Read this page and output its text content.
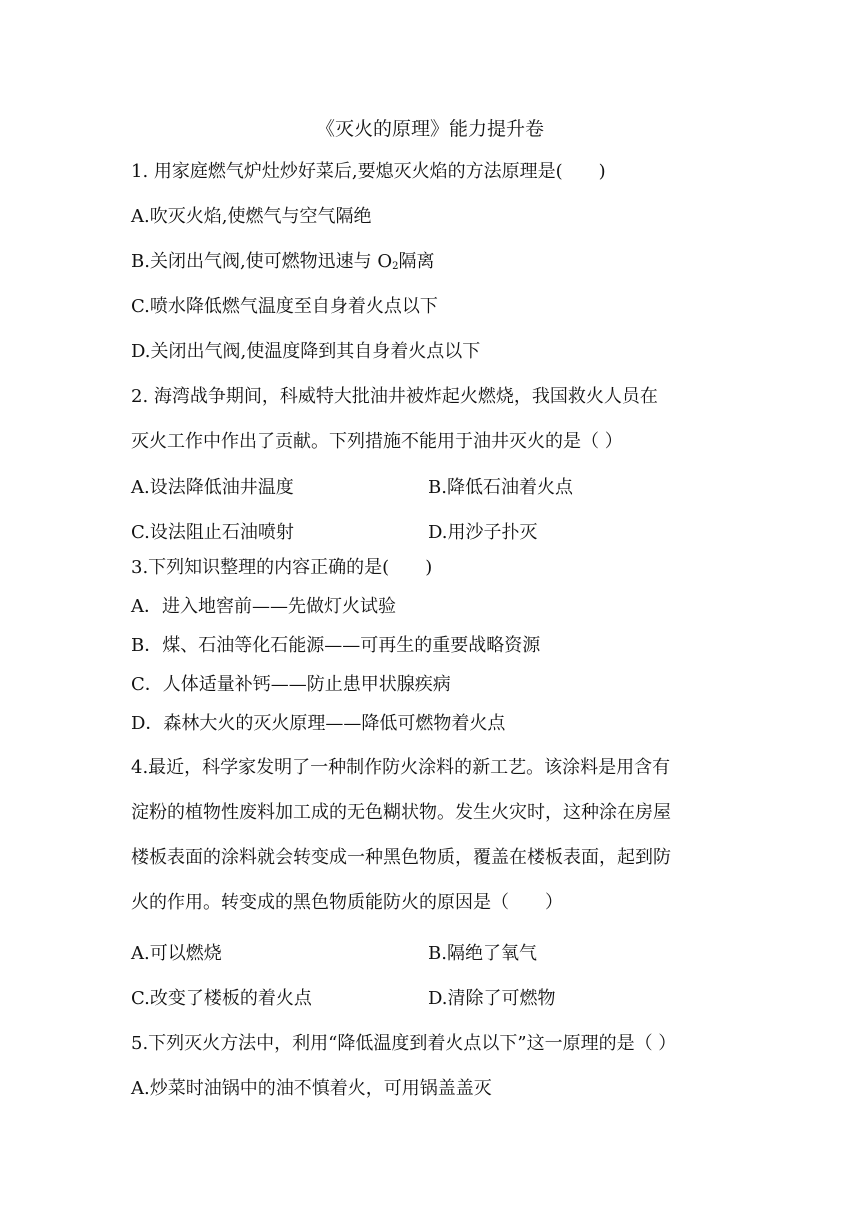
《灭火的原理》能力提升卷
1. 用家庭燃气炉灶炒好菜后,要熄灭火焰的方法原理是(　　)
A.吹灭火焰,使燃气与空气隔绝
B.关闭出气阀,使可燃物迅速与 $O_2$隔离
C.喷水降低燃气温度至自身着火点以下
D.关闭出气阀,使温度降到其自身着火点以下
2. 海湾战争期间，科威特大批油井被炸起火燃烧，我国救火人员在
灭火工作中作出了贡献。下列措施不能用于油井灭火的是（ ）
A.设法降低油井温度	B.降低石油着火点
C.设法阻止石油喷射	D.用沙子扑灭
3.下列知识整理的内容正确的是(　　)
A．进入地窖前——先做灯火试验
B．煤、石油等化石能源——可再生的重要战略资源
C．人体适量补钙——防止患甲状腺疾病
D．森林大火的灭火原理——降低可燃物着火点
4.最近，科学家发明了一种制作防火涂料的新工艺。该涂料是用含有
淀粉的植物性废料加工成的无色糊状物。发生火灾时，这种涂在房屋
楼板表面的涂料就会转变成一种黑色物质，覆盖在楼板表面，起到防
火的作用。转变成的黑色物质能防火的原因是（　　）
A.可以燃烧	B.隔绝了氧气
C.改变了楼板的着火点	D.清除了可燃物
5.下列灭火方法中，利用“降低温度到着火点以下”这一原理的是（ ）
A.炒菜时油锅中的油不慎着火，可用锅盖盖灭
